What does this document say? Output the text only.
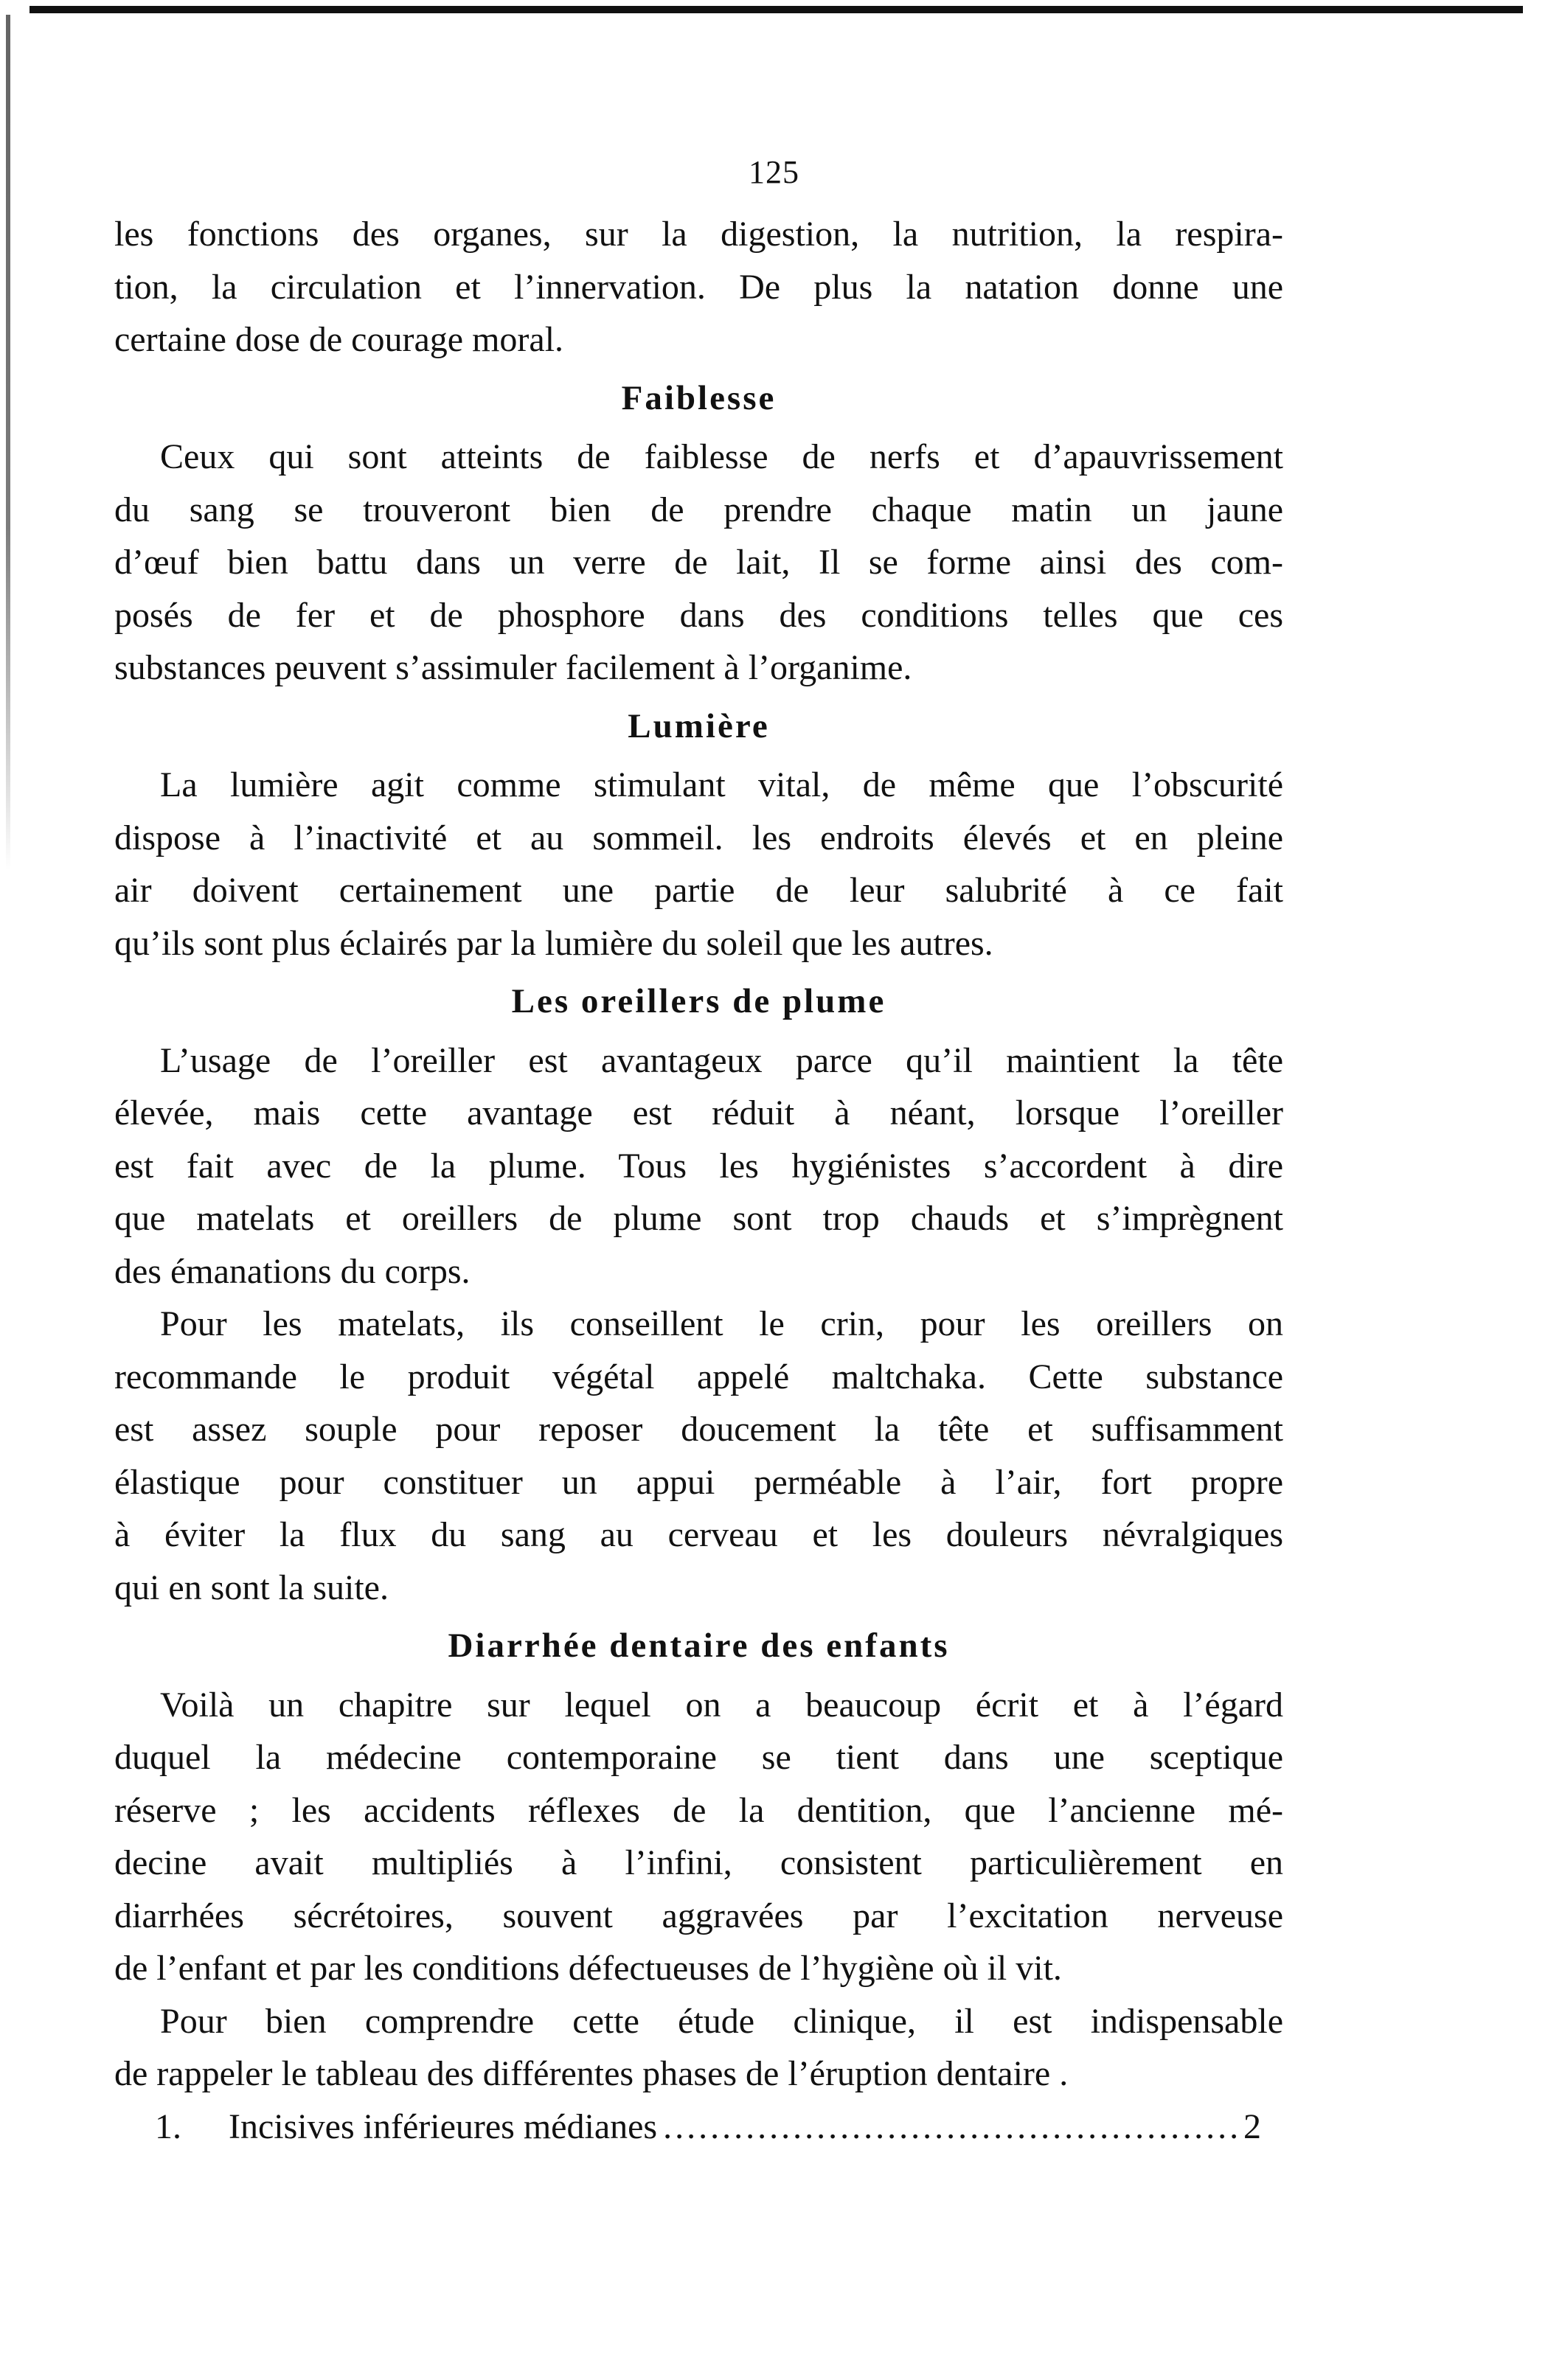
125
les fonctions des organes, sur la digestion, la nutrition, la respira-
tion, la circulation et l’innervation. De plus la natation donne une
certaine dose de courage moral.
Faiblesse
Ceux qui sont atteints de faiblesse de nerfs et d’apauvrissement
du sang se trouveront bien de prendre chaque matin un jaune
d’œuf bien battu dans un verre de lait, Il se forme ainsi des com-
posés de fer et de phosphore dans des conditions telles que ces
substances peuvent s’assimuler facilement à l’organime.
Lumière
La lumière agit comme stimulant vital, de même que l’obscurité
dispose à l’inactivité et au sommeil. les endroits élevés et en pleine
air doivent certainement une partie de leur salubrité à ce fait
qu’ils sont plus éclairés par la lumière du soleil que les autres.
Les oreillers de plume
L’usage de l’oreiller est avantageux parce qu’il maintient la tête
élevée, mais cette avantage est réduit à néant, lorsque l’oreiller
est fait avec de la plume. Tous les hygiénistes s’accordent à dire
que matelats et oreillers de plume sont trop chauds et s’imprègnent
des émanations du corps.
Pour les matelats, ils conseillent le crin, pour les oreillers on
recommande le produit végétal appelé maltchaka. Cette substance
est assez souple pour reposer doucement la tête et suffisamment
élastique pour constituer un appui perméable à l’air, fort propre
à éviter la flux du sang au cerveau et les douleurs névralgiques
qui en sont la suite.
Diarrhée dentaire des enfants
Voilà un chapitre sur lequel on a beaucoup écrit et à l’égard
duquel la médecine contemporaine se tient dans une sceptique
réserve ; les accidents réflexes de la dentition, que l’ancienne mé-
decine avait multipliés à l’infini, consistent particulièrement en
diarrhées sécrétoires, souvent aggravées par l’excitation nerveuse
de l’enfant et par les conditions défectueuses de l’hygiène où il vit.
Pour bien comprendre cette étude clinique, il est indispensable
de rappeler le tableau des différentes phases de l’éruption dentaire .
1.	Incisives inférieures médianes
.....	2
